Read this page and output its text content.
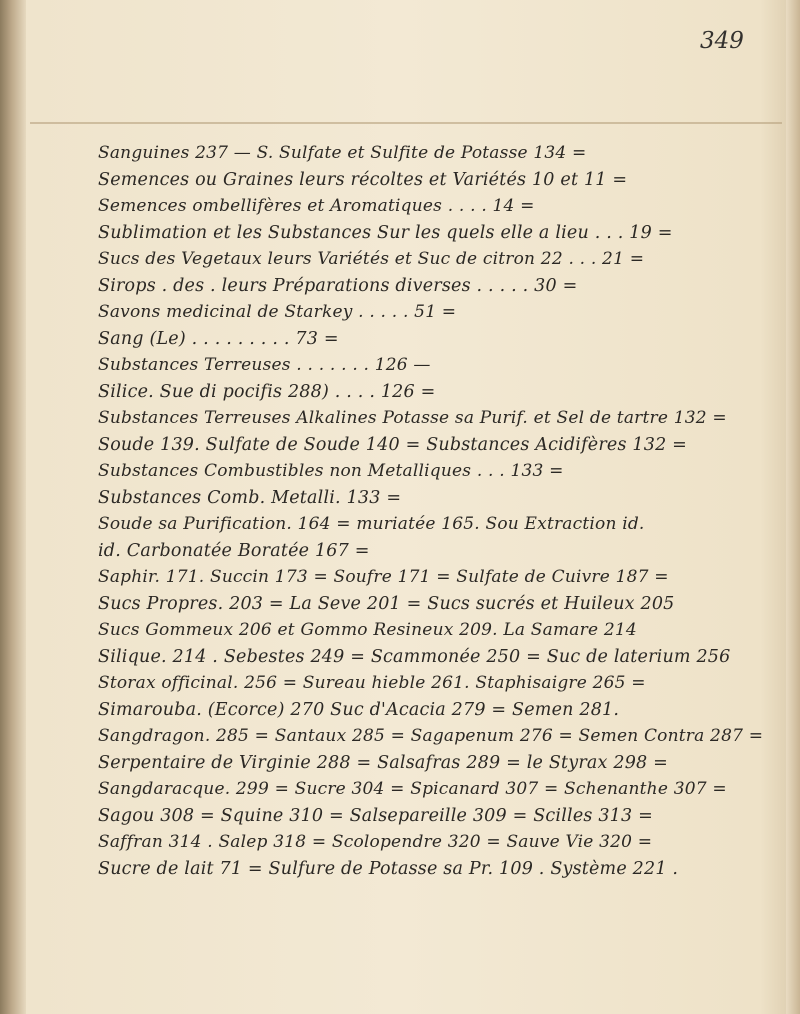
349
Sanguines 237 — S. Sulfate et Sulfite de Potasse 134 =
Semences ou Graines leurs récoltes et Variétés 10 et 11 =
Semences ombellifères et Aromatiques . . . . 14 =
Sublimation et les Substances Sur les quels elle a lieu . . . 19 =
Sucs des Vegetaux leurs Variétés et Suc de citron 22 . . . 21 =
Sirops . des . leurs Préparations diverses . . . . . 30 =
Savons medicinal de Starkey . . . . . 51 =
Sang (Le) . . . . . . . . . 73 =
Substances Terreuses . . . . . . . 126 —
Silice. Sue di pocifis 288) . . . . 126 =
Substances Terreuses Alkalines Potasse sa Purif. et Sel de tartre 132 =
Soude 139. Sulfate de Soude 140 = Substances Acidifères 132 =
Substances Combustibles non Metalliques . . . 133 =
Substances Comb. Metalli. 133 =
Soude sa Purification. 164 = muriatée 165. Sou Extraction id.
id. Carbonatée Boratée 167 =
Saphir. 171. Succin 173 = Soufre 171 = Sulfate de Cuivre 187 =
Sucs Propres. 203 = La Seve 201 = Sucs sucrés et Huileux 205
Sucs Gommeux 206 et Gommo Resineux 209. La Samare 214
Silique. 214 . Sebestes 249 = Scammonée 250 = Suc de laterium 256
Storax officinal. 256 = Sureau hieble 261. Staphisaigre 265 =
Simarouba. (Ecorce) 270 Suc d'Acacia 279 = Semen 281.
Sangdragon. 285 = Santaux 285 = Sagapenum 276 = Semen Contra 287 =
Serpentaire de Virginie 288 = Salsafras 289 = le Styrax 298 =
Sangdaracque. 299 = Sucre 304 = Spicanard 307 = Schenanthe 307 =
Sagou 308 = Squine 310 = Salsepareille 309 = Scilles 313 =
Saffran 314 . Salep 318 = Scolopendre 320 = Sauve Vie 320 =
Sucre de lait 71 = Sulfure de Potasse sa Pr. 109 . Système 221 .
